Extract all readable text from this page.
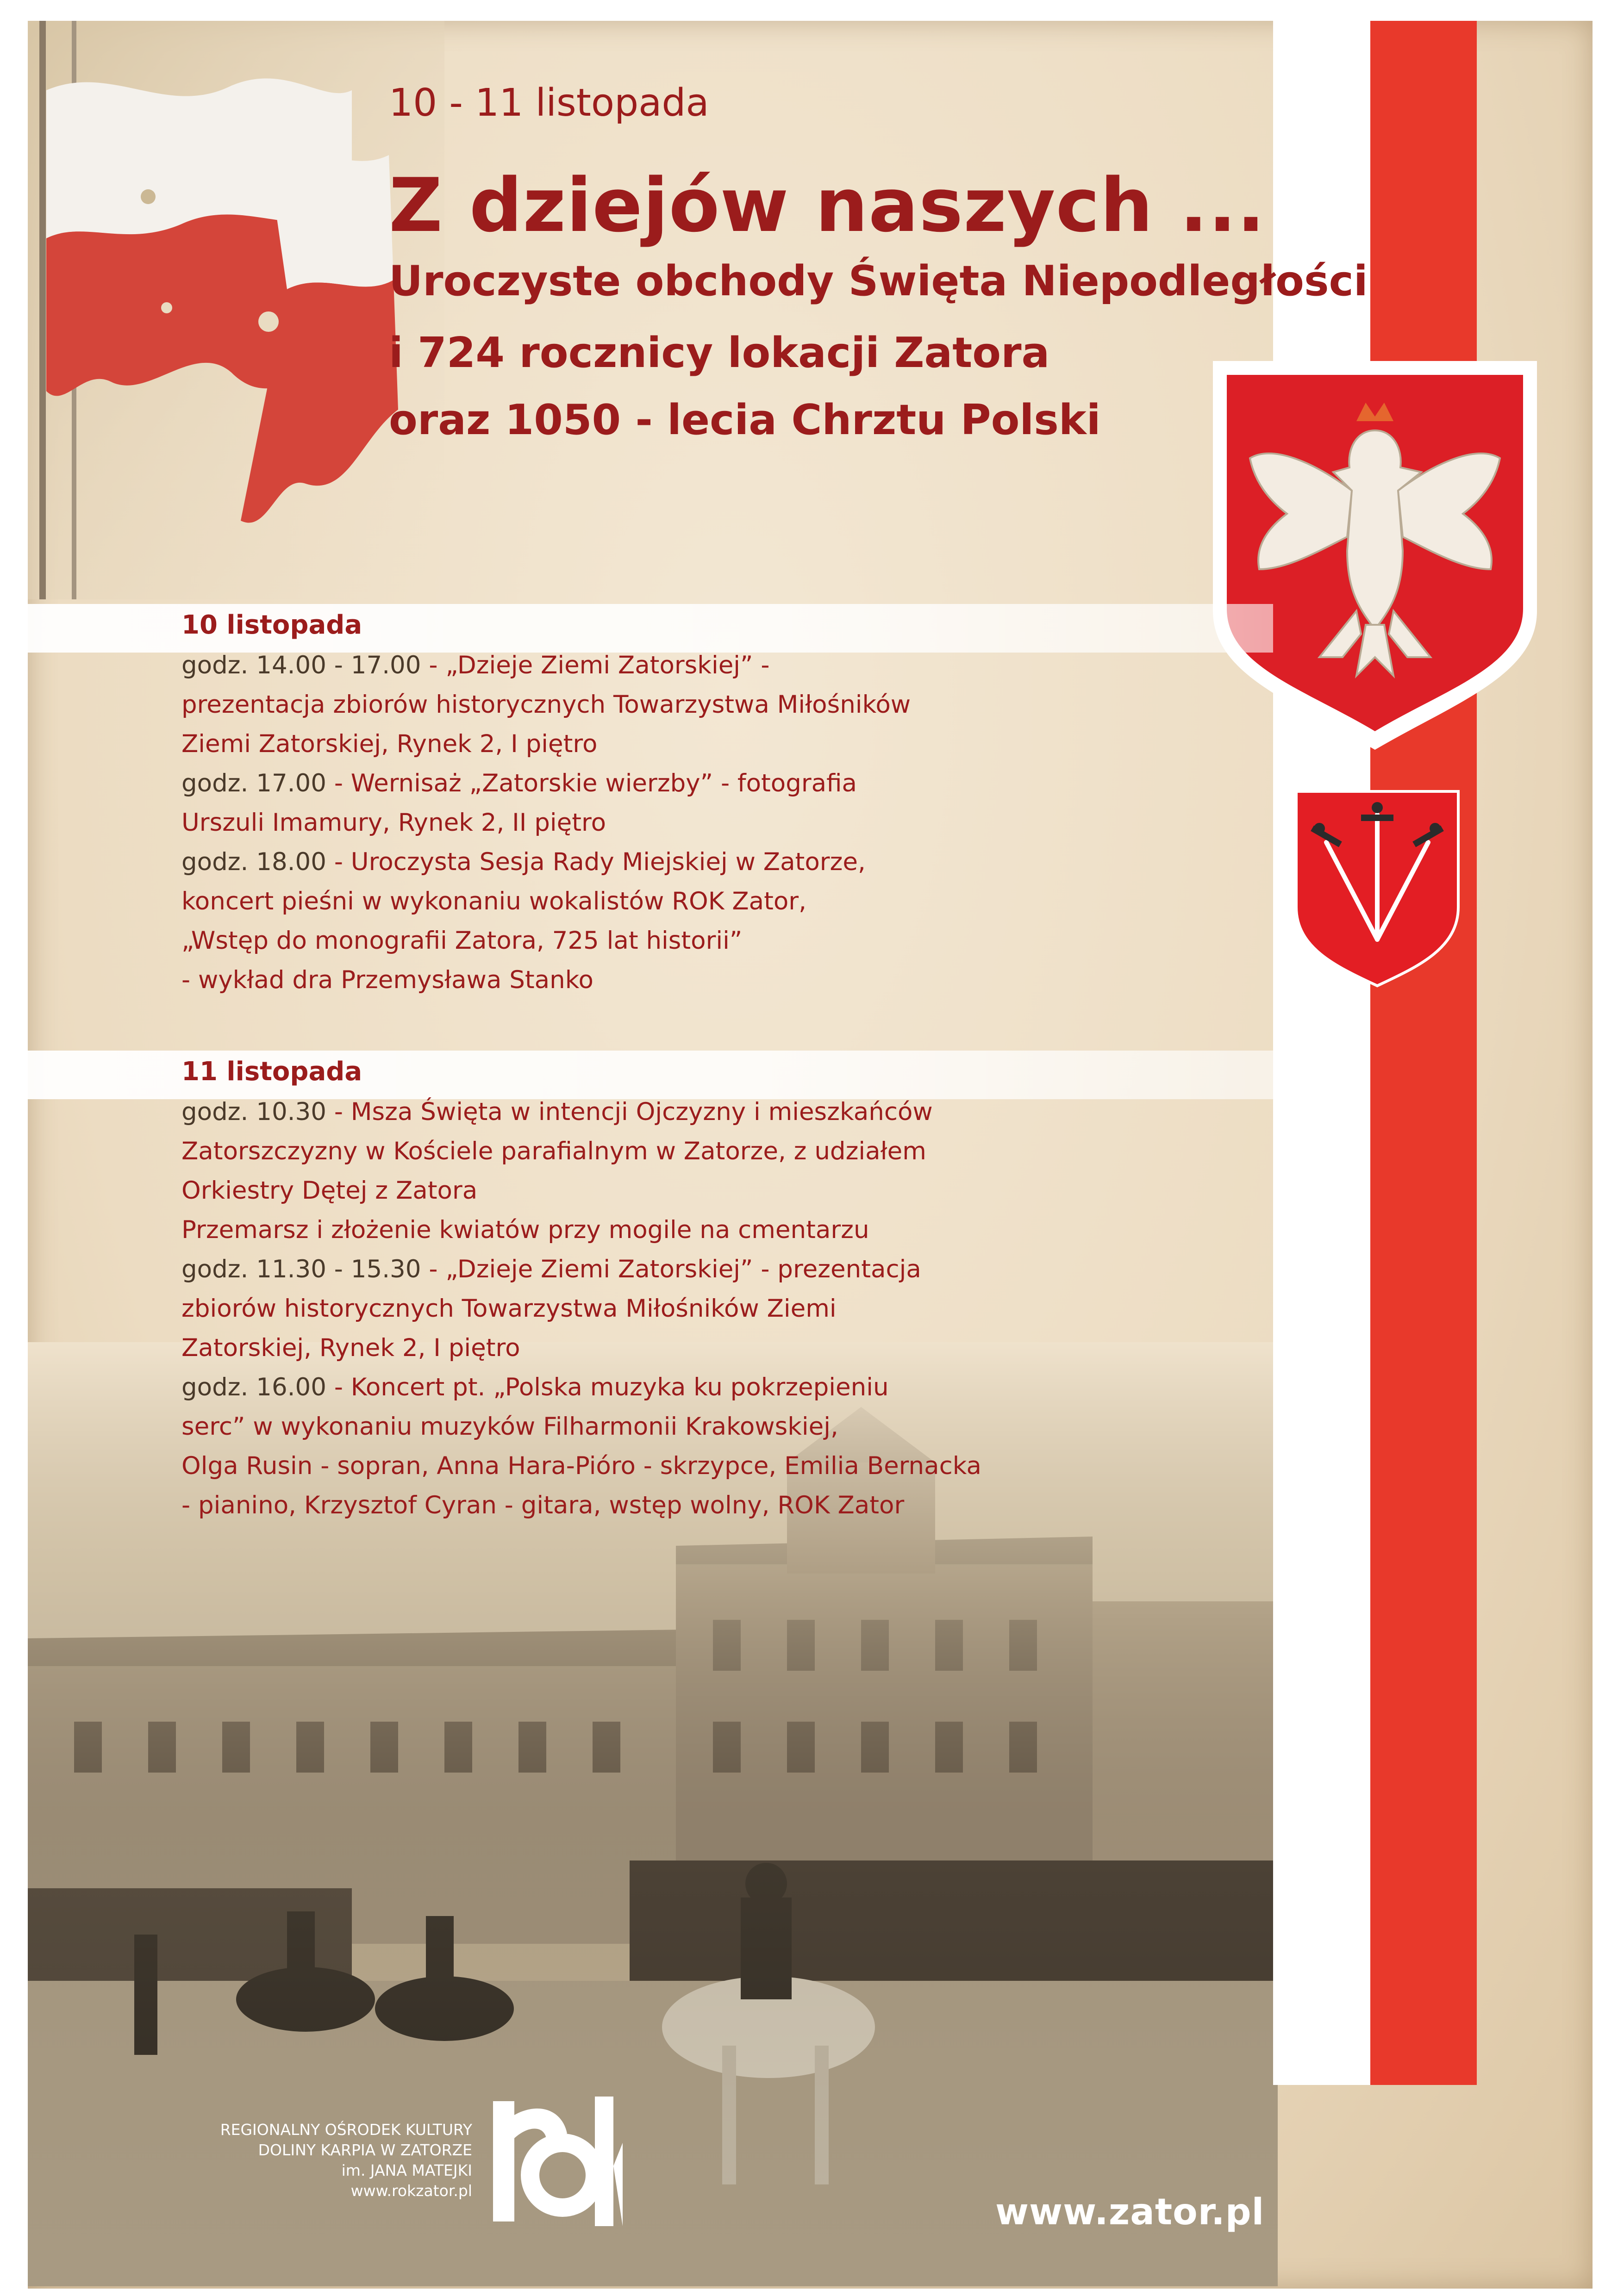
10 - 11 listopada
Z dziejów naszych ...
Uroczyste obchody Święta Niepodległości
i 724 rocznicy lokacji Zatora
oraz 1050 - lecia Chrztu Polski
10 listopada
godz. 14.00 - 17.00 - „Dzieje Ziemi Zatorskiej” -
prezentacja zbiorów historycznych Towarzystwa Miłośników
Ziemi Zatorskiej, Rynek 2, I piętro
godz. 17.00 - Wernisaż „Zatorskie wierzby” - fotografia
Urszuli Imamury, Rynek 2, II piętro
godz. 18.00 - Uroczysta Sesja Rady Miejskiej w Zatorze,
koncert pieśni w wykonaniu wokalistów ROK Zator,
„Wstęp do monografii Zatora, 725 lat historii”
- wykład dra Przemysława Stanko
11 listopada
godz. 10.30 - Msza Święta w intencji Ojczyzny i mieszkańców
Zatorszczyzny w Kościele parafialnym w Zatorze, z udziałem
Orkiestry Dętej z Zatora
Przemarsz i złożenie kwiatów przy mogile na cmentarzu
godz. 11.30 - 15.30 - „Dzieje Ziemi Zatorskiej” - prezentacja
zbiorów historycznych Towarzystwa Miłośników Ziemi
Zatorskiej, Rynek 2, I piętro
godz. 16.00 - Koncert pt. „Polska muzyka ku pokrzepieniu
serc” w wykonaniu muzyków Filharmonii Krakowskiej,
Olga Rusin - sopran, Anna Hara-Pióro - skrzypce, Emilia Bernacka
- pianino, Krzysztof Cyran - gitara, wstęp wolny, ROK Zator
REGIONALNY OŚRODEK KULTURY
DOLINY KARPIA W ZATORZE
im. JANA MATEJKI
www.rokzator.pl
www.zator.pl
